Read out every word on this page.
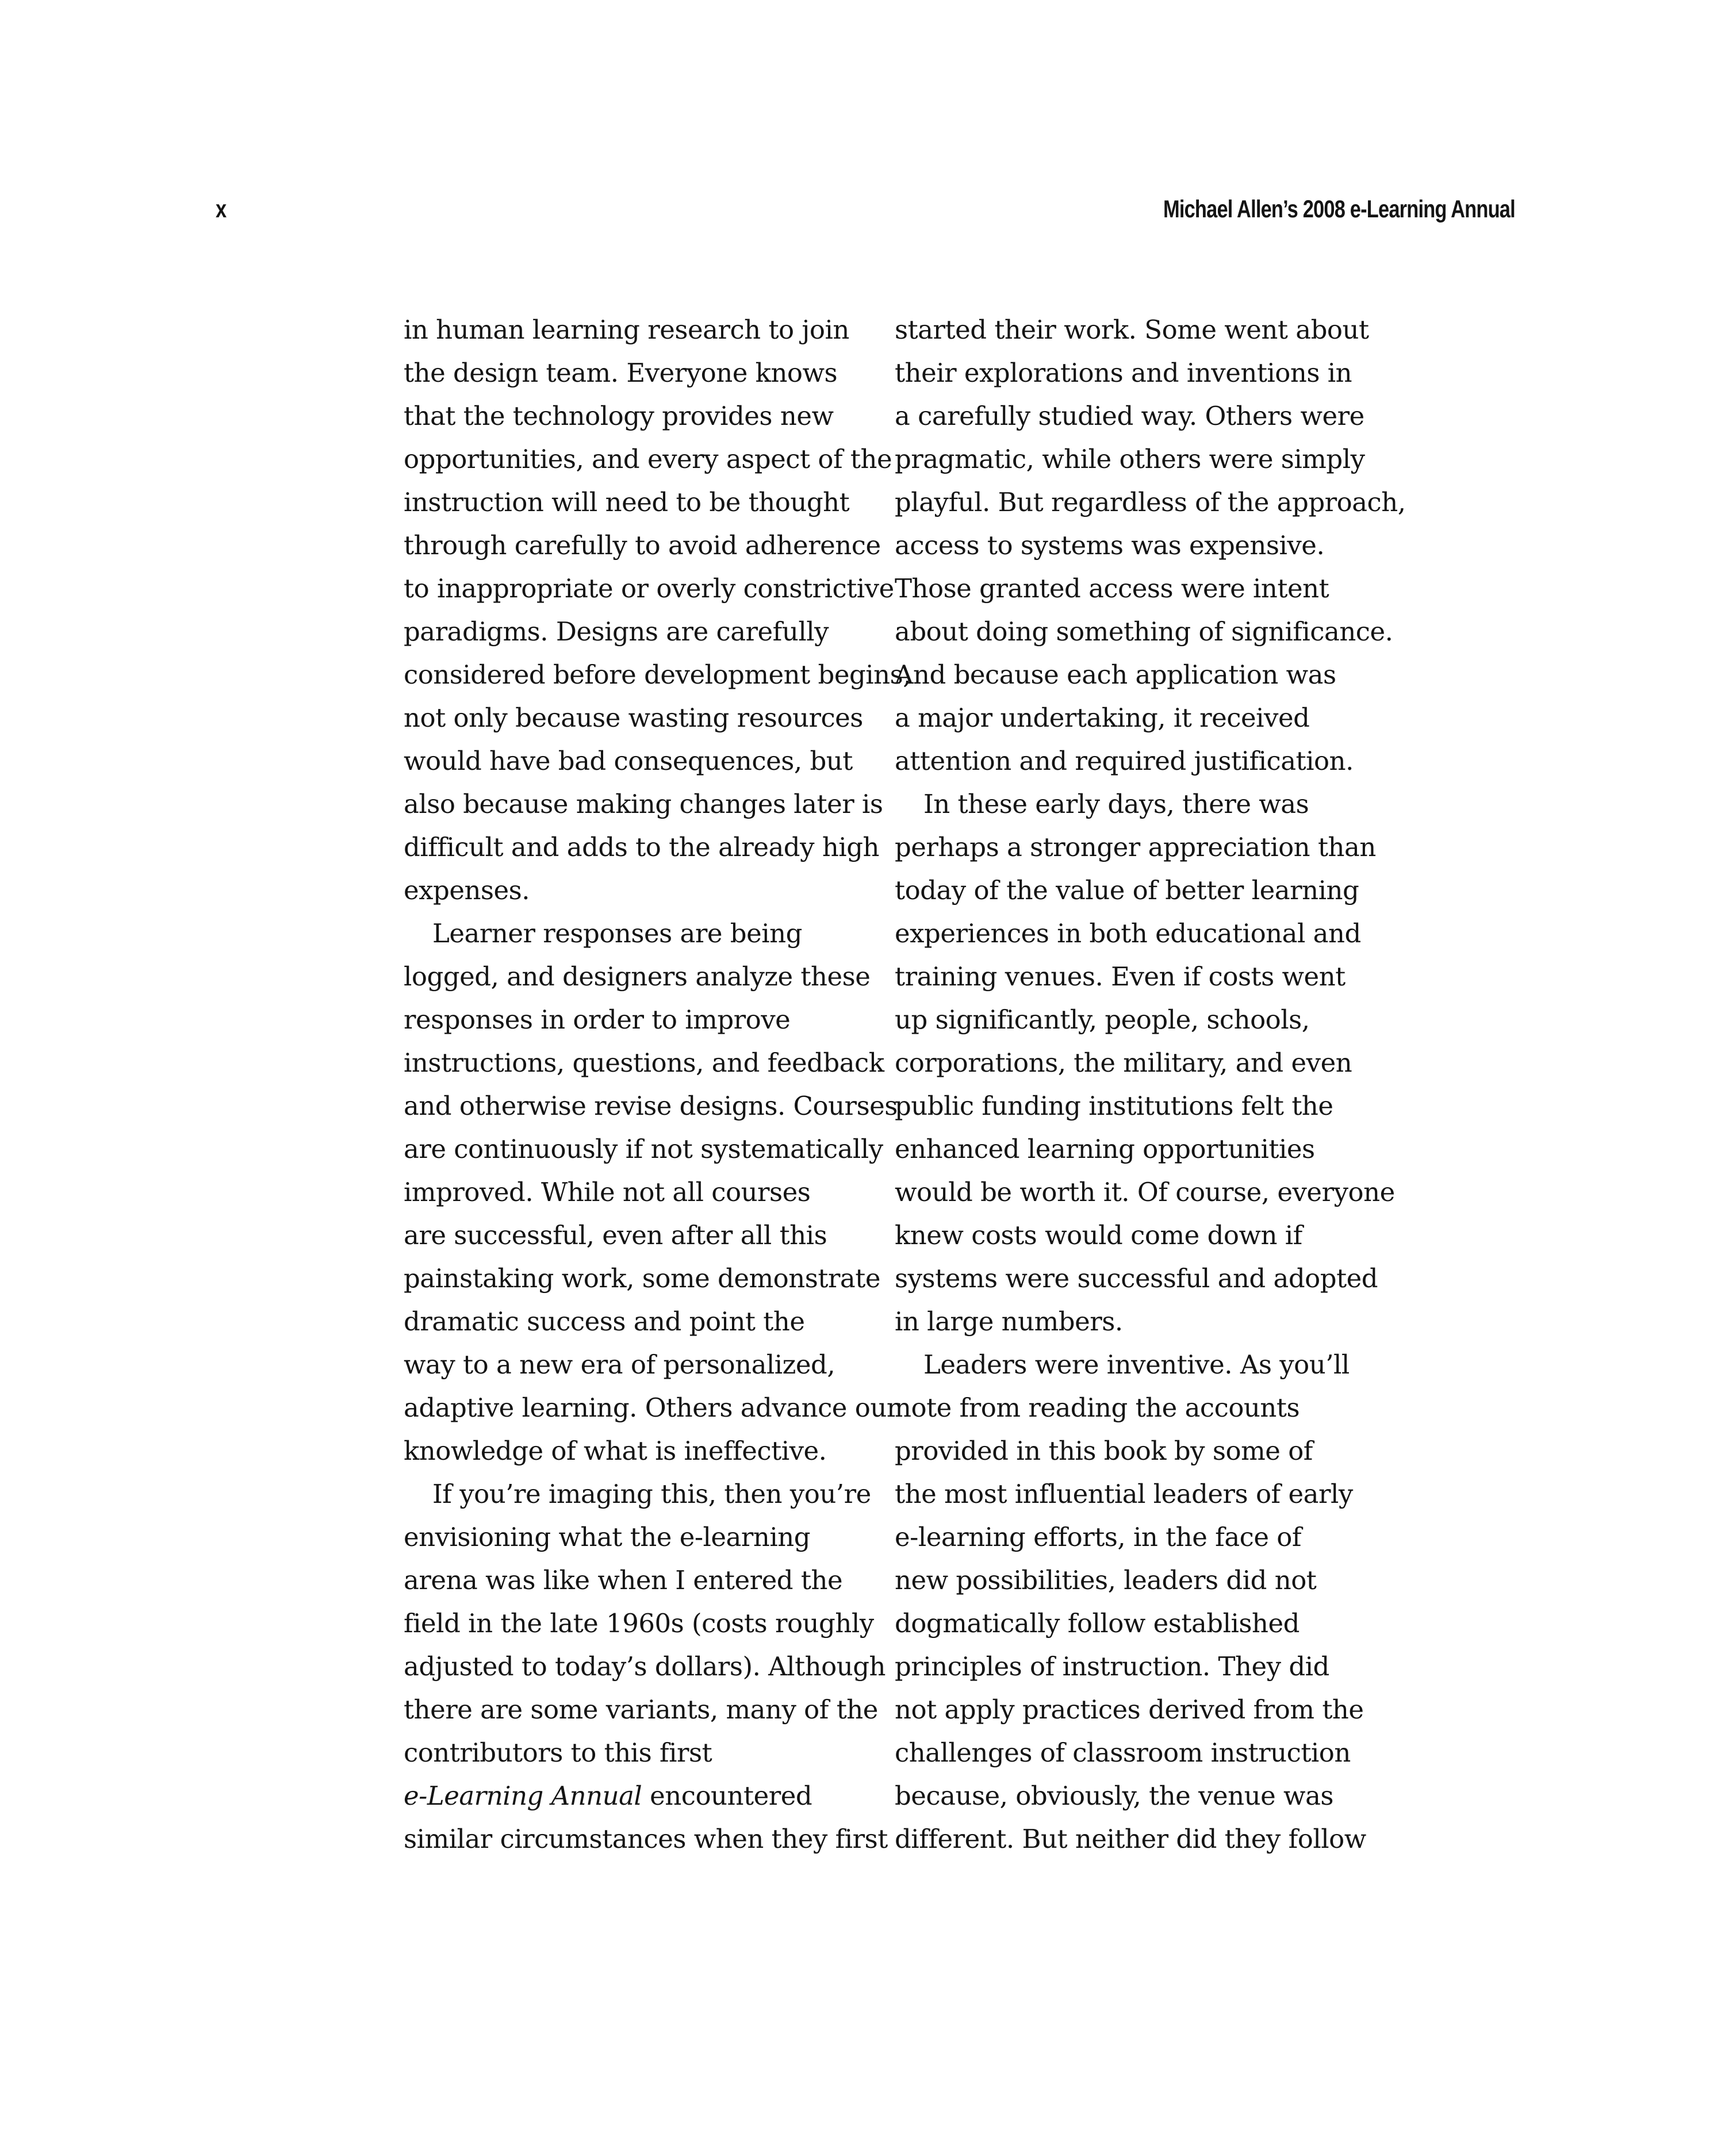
x	Michael Allen’s 2008 e-Learning Annual
in human learning research to join
the design team. Everyone knows
that the technology provides new
opportunities, and every aspect of the
instruction will need to be thought
through carefully to avoid adherence
to inappropriate or overly constrictive
paradigms. Designs are carefully
considered before development begins,
not only because wasting resources
would have bad consequences, but
also because making changes later is
difficult and adds to the already high
expenses.
Learner responses are being
logged, and designers analyze these
responses in order to improve
instructions, questions, and feedback
and otherwise revise designs. Courses
are continuously if not systematically
improved. While not all courses
are successful, even after all this
painstaking work, some demonstrate
dramatic success and point the
way to a new era of personalized,
adaptive learning. Others advance our
knowledge of what is ineffective.
If you’re imaging this, then you’re
envisioning what the e-learning
arena was like when I entered the
field in the late 1960s (costs roughly
adjusted to today’s dollars). Although
there are some variants, many of the
contributors to this first
e-Learning Annual encountered
similar circumstances when they first
started their work. Some went about
their explorations and inventions in
a carefully studied way. Others were
pragmatic, while others were simply
playful. But regardless of the approach,
access to systems was expensive.
Those granted access were intent
about doing something of significance.
And because each application was
a major undertaking, it received
attention and required justification.
In these early days, there was
perhaps a stronger appreciation than
today of the value of better learning
experiences in both educational and
training venues. Even if costs went
up significantly, people, schools,
corporations, the military, and even
public funding institutions felt the
enhanced learning opportunities
would be worth it. Of course, everyone
knew costs would come down if
systems were successful and adopted
in large numbers.
Leaders were inventive. As you’ll
note from reading the accounts
provided in this book by some of
the most influential leaders of early
e-learning efforts, in the face of
new possibilities, leaders did not
dogmatically follow established
principles of instruction. They did
not apply practices derived from the
challenges of classroom instruction
because, obviously, the venue was
different. But neither did they follow
